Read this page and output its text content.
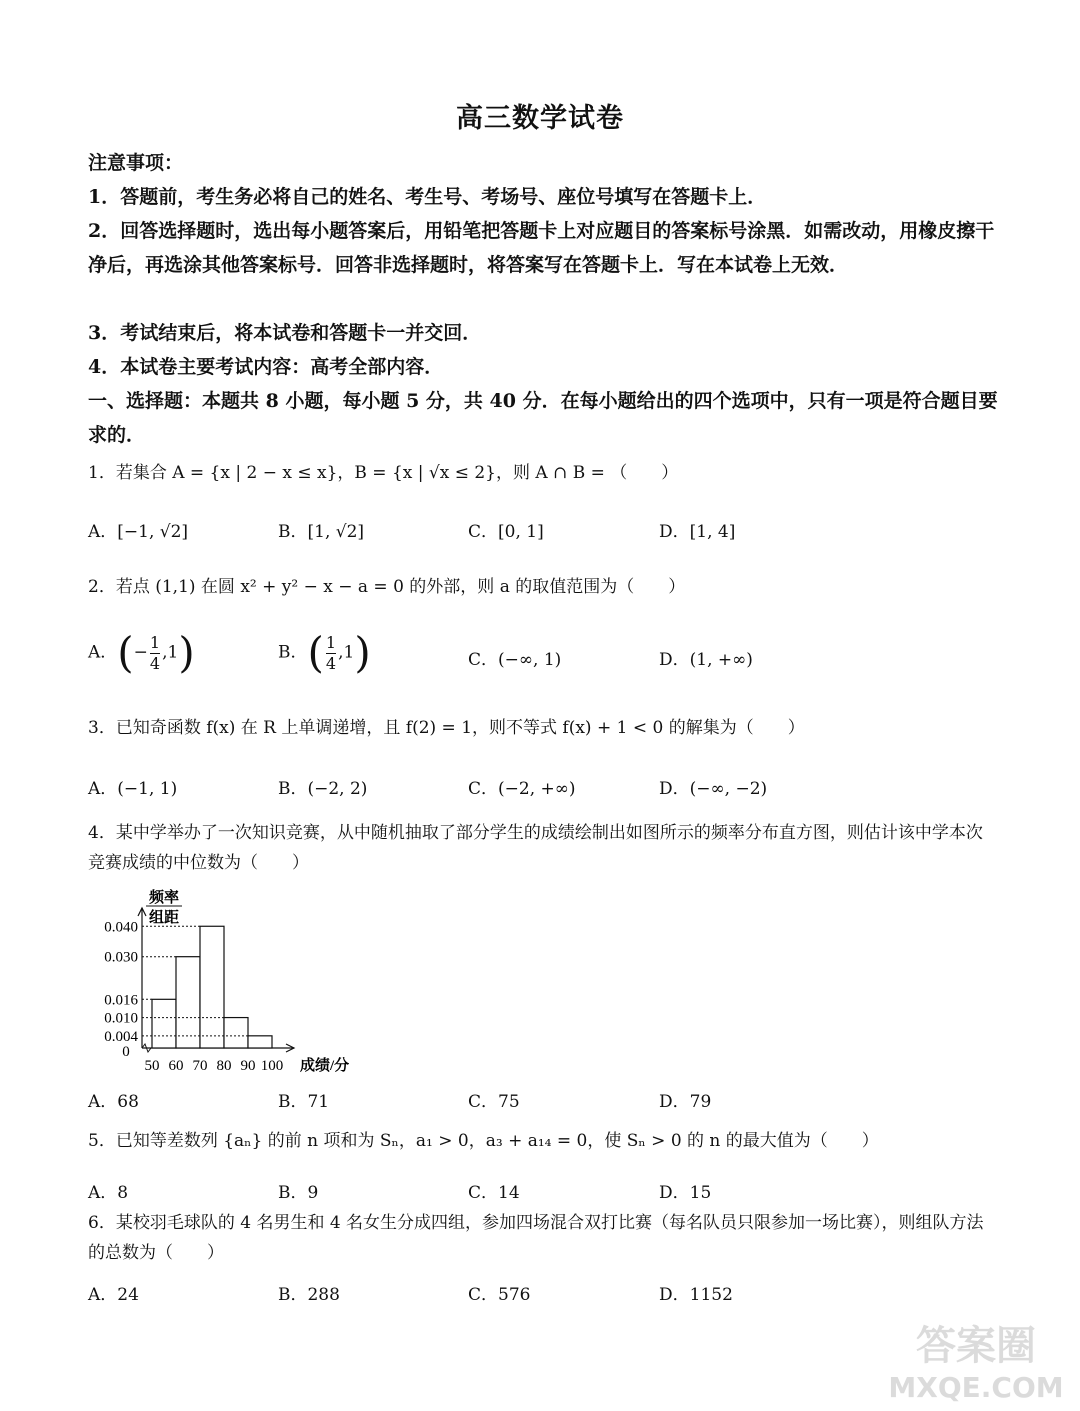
高三数学试卷
注意事项：
1．答题前，考生务必将自己的姓名、考生号、考场号、座位号填写在答题卡上．
2．回答选择题时，选出每小题答案后，用铅笔把答题卡上对应题目的答案标号涂黑．如需改动，用橡皮擦干净后，再选涂其他答案标号．回答非选择题时，将答案写在答题卡上．写在本试卷上无效．
3．考试结束后，将本试卷和答题卡一并交回．
4．本试卷主要考试内容：高考全部内容．
一、选择题：本题共 8 小题，每小题 5 分，共 40 分．在每小题给出的四个选项中，只有一项是符合题目要求的．
1．若集合 A = {x | 2 − x ≤ x}，B = {x | √x ≤ 2}，则 A ∩ B = （　　）
A．[−1, √2]	B．[1, √2]	C．[0, 1]	D．[1, 4]
2．若点 (1,1) 在圆 x² + y² − x − a = 0 的外部，则 a 的取值范围为（　　）
A．(− $\frac{1}{4} ,1$)	B．( $\frac{1}{4} ,1$)	C．(−∞, 1)	D．(1, +∞)
3．已知奇函数 f(x) 在 R 上单调递增，且 f(2) = 1，则不等式 f(x) + 1 < 0 的解集为（　　）
A．(−1, 1)	B．(−2, 2)	C．(−2, +∞)	D．(−∞, −2)
4．某中学举办了一次知识竞赛，从中随机抽取了部分学生的成绩绘制出如图所示的频率分布直方图，则估计该中学本次竞赛成绩的中位数为（　　）
频率
组距
0.004
0.010
0.016
0.030
0.040
0
50 60 70 80 90 100 成绩/分
A．68	B．71	C．75	D．79
5．已知等差数列 {aₙ} 的前 n 项和为 Sₙ，a₁ > 0，a₃ + a₁₄ = 0，使 Sₙ > 0 的 n 的最大值为（　　）
A．8	B．9	C．14	D．15
6．某校羽毛球队的 4 名男生和 4 名女生分成四组，参加四场混合双打比赛（每名队员只限参加一场比赛），则组队方法的总数为（　　）
A．24	B．288	C．576	D．1152
答案圈
MXQE.COM
